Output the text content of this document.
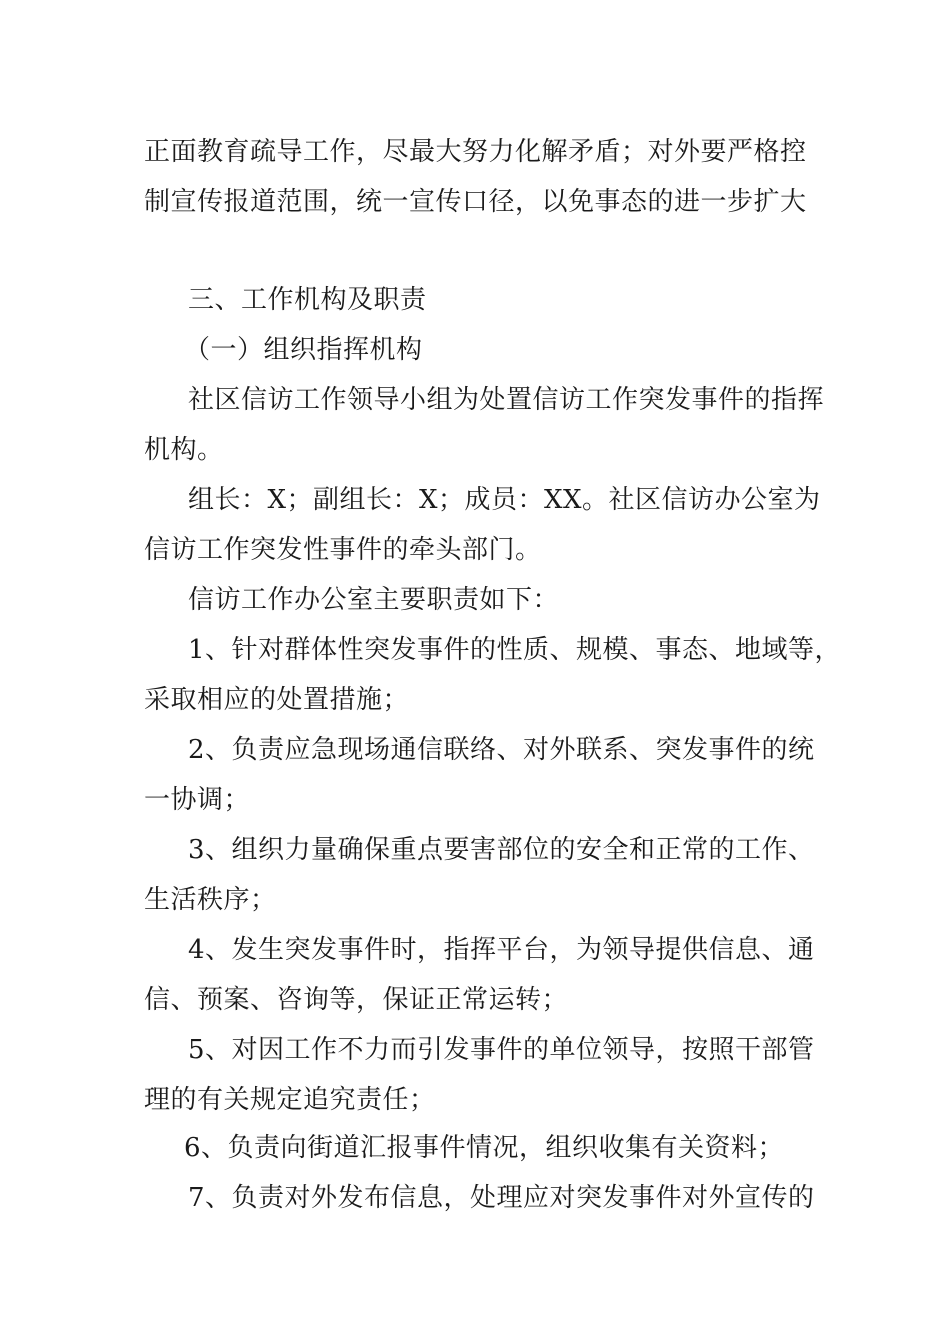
正面教育疏导工作，尽最大努力化解矛盾；对外要严格控

制宣传报道范围，统一宣传口径，以免事态的进一步扩大

三、工作机构及职责

（一）组织指挥机构

社区信访工作领导小组为处置信访工作突发事件的指挥

机构。

组长：X；副组长：X；成员：XX。社区信访办公室为

信访工作突发性事件的牵头部门。

信访工作办公室主要职责如下：

1、针对群体性突发事件的性质、规模、事态、地域等，

采取相应的处置措施；

2、负责应急现场通信联络、对外联系、突发事件的统

一协调；

3、组织力量确保重点要害部位的安全和正常的工作、

生活秩序；

4、发生突发事件时，指挥平台，为领导提供信息、通

信、预案、咨询等，保证正常运转；

5、对因工作不力而引发事件的单位领导，按照干部管

理的有关规定追究责任；

6、负责向街道汇报事件情况，组织收集有关资料；

7、负责对外发布信息，处理应对突发事件对外宣传的
